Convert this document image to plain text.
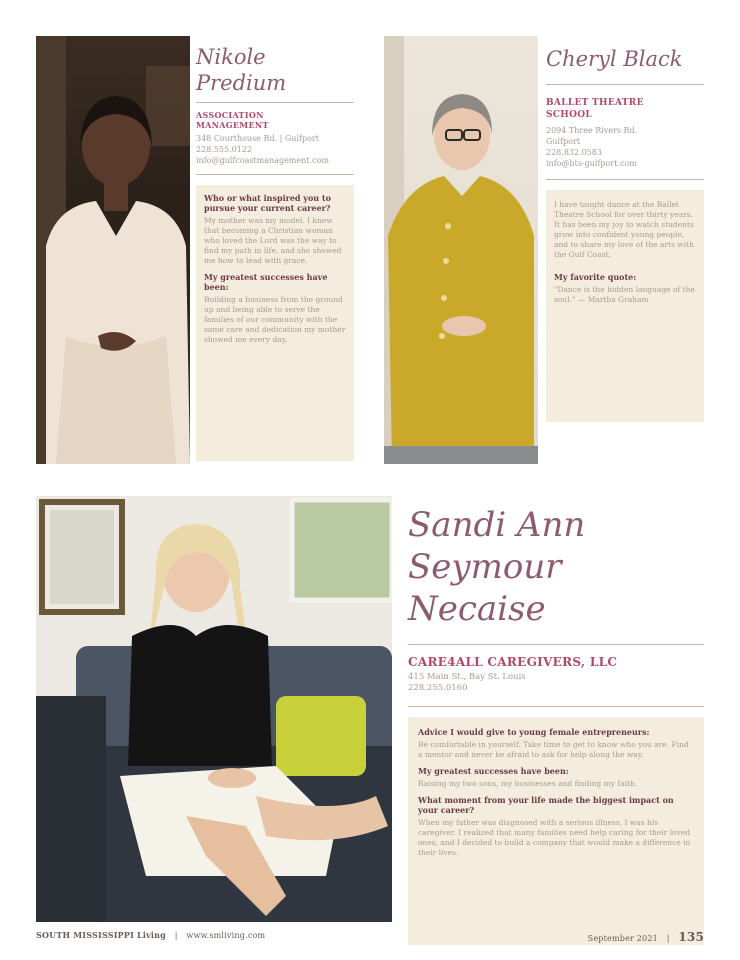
Nikole Predium
ASSOCIATION MANAGEMENT
348 Courthouse Rd. | Gulfport
228.555.0122
info@gulfcoastmanagement.com

Who or what inspired you to pursue your current career?

My mother was my model. I knew that becoming a Christian woman who loved the Lord was the way to find my path in life, and she showed me how to lead with grace.

My greatest successes have been:

Building a business from the ground up and being able to serve the families of our community with the same care and dedication my mother showed me every day.

Cheryl Black
BALLET THEATRE SCHOOL
2094 Three Rivers Rd.
Gulfport
228.832.0583
info@bts-gulfport.com

I have taught dance at the Ballet Theatre School for over thirty years. It has been my joy to watch students grow into confident young people, and to share my love of the arts with the Gulf Coast.

My favorite quote:

"Dance is the hidden language of the soul." — Martha Graham

Sandi Ann
Seymour Necaise
CARE4ALL CAREGIVERS, LLC
415 Main St., Bay St. Louis
228.255.0160

Advice I would give to young female entrepreneurs:

Be comfortable in yourself. Take time to get to know who you are. Find a mentor and never be afraid to ask for help along the way.

My greatest successes have been:

Raising my two sons, my businesses and finding my faith.

What moment from your life made the biggest impact on your career?

When my father was diagnosed with a serious illness, I was his caregiver. I realized that many families need help caring for their loved ones, and I decided to build a company that would make a difference in their lives.

SOUTH MISSISSIPPI Living | www.smliving.com	September 2021 | 135
